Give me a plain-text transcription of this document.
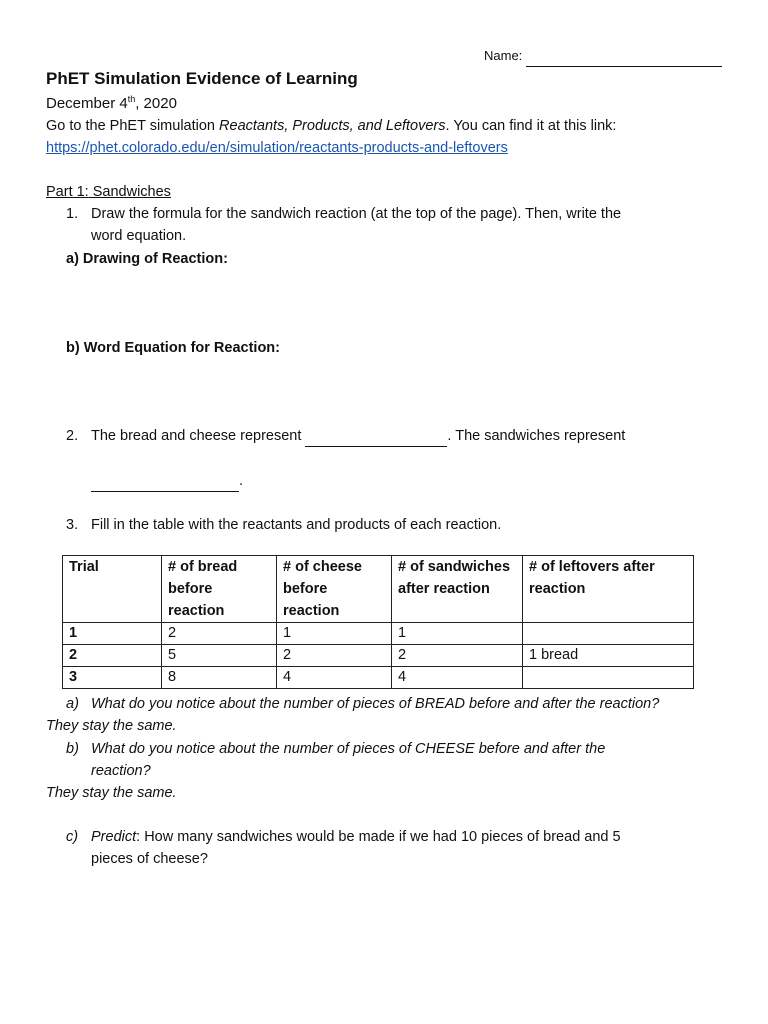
Name:
PhET Simulation Evidence of Learning
December 4th, 2020
Go to the PhET simulation Reactants, Products, and Leftovers. You can find it at this link:
https://phet.colorado.edu/en/simulation/reactants-products-and-leftovers
Part 1: Sandwiches
1. Draw the formula for the sandwich reaction (at the top of the page). Then, write the
word equation.
a) Drawing of Reaction:
b) Word Equation for Reaction:
2. The bread and cheese represent	. The sandwiches represent
.
3. Fill in the table with the reactants and products of each reaction.
Trial	# of bread
before
reaction	# of cheese
before
reaction	# of sandwiches
after reaction	# of leftovers after
reaction
1	2	1	1	
2	5	2	2	1 bread
3	8	4	4	
a) What do you notice about the number of pieces of BREAD before and after the reaction?
They stay the same.
b) What do you notice about the number of pieces of CHEESE before and after the
reaction?
They stay the same.
c) Predict: How many sandwiches would be made if we had 10 pieces of bread and 5
pieces of cheese?
